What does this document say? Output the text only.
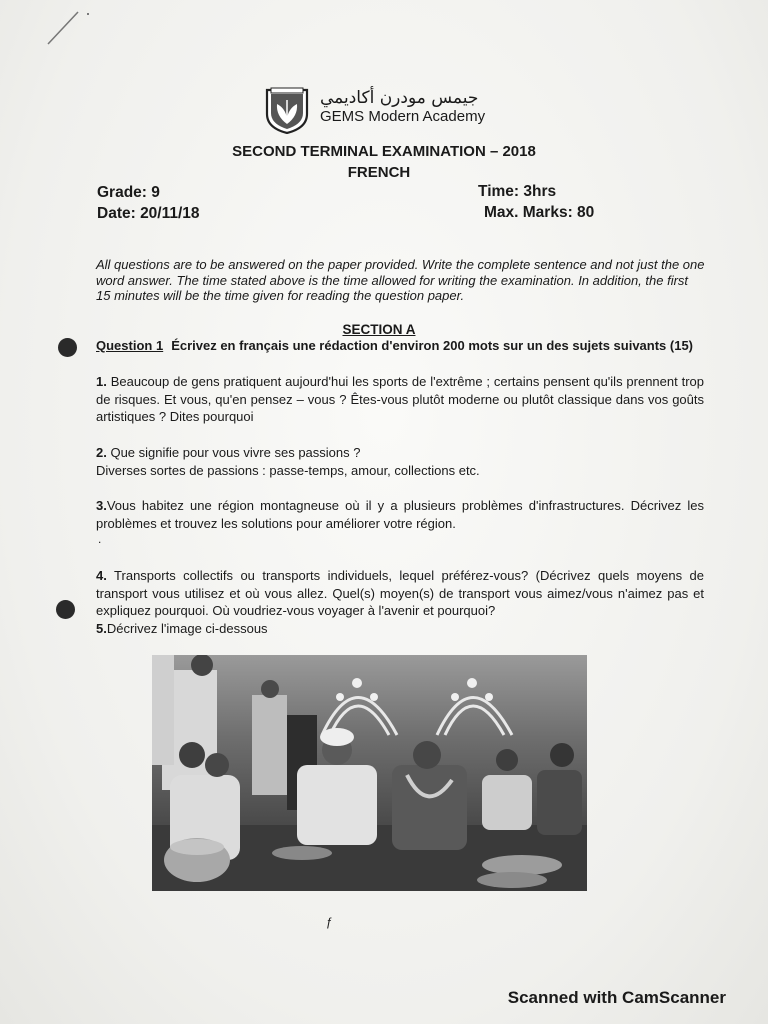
جيمس مودرن أكاديمي
GEMS Modern Academy
SECOND TERMINAL EXAMINATION – 2018
FRENCH
Grade: 9
Date: 20/11/18
Time: 3hrs
Max. Marks: 80
All questions are to be answered on the paper provided. Write the complete sentence and not just the one word answer. The time stated above is the time allowed for writing the examination. In addition, the first 15 minutes will be the time given for reading the question paper.
SECTION A
Question 1 Écrivez en français une rédaction d'environ 200 mots sur un des sujets suivants (15)
1. Beaucoup de gens pratiquent aujourd'hui les sports de l'extrême ; certains pensent qu'ils prennent trop de risques. Et vous, qu'en pensez – vous ? Êtes-vous plutôt moderne ou plutôt classique dans vos goûts artistiques ? Dites pourquoi
2. Que signifie pour vous vivre ses passions ?
Diverses sortes de passions : passe-temps, amour, collections etc.
3.Vous habitez une région montagneuse où il y a plusieurs problèmes d'infrastructures. Décrivez les problèmes et trouvez les solutions pour améliorer votre région.
.
4. Transports collectifs ou transports individuels, lequel préférez-vous? (Décrivez quels moyens de transport vous utilisez et où vous allez. Quel(s) moyen(s) de transport vous aimez/vous n'aimez pas et expliquez pourquoi. Où voudriez-vous voyager à l'avenir et pourquoi?
5.Décrivez l'image ci-dessous
ƒ
Scanned with CamScanner
